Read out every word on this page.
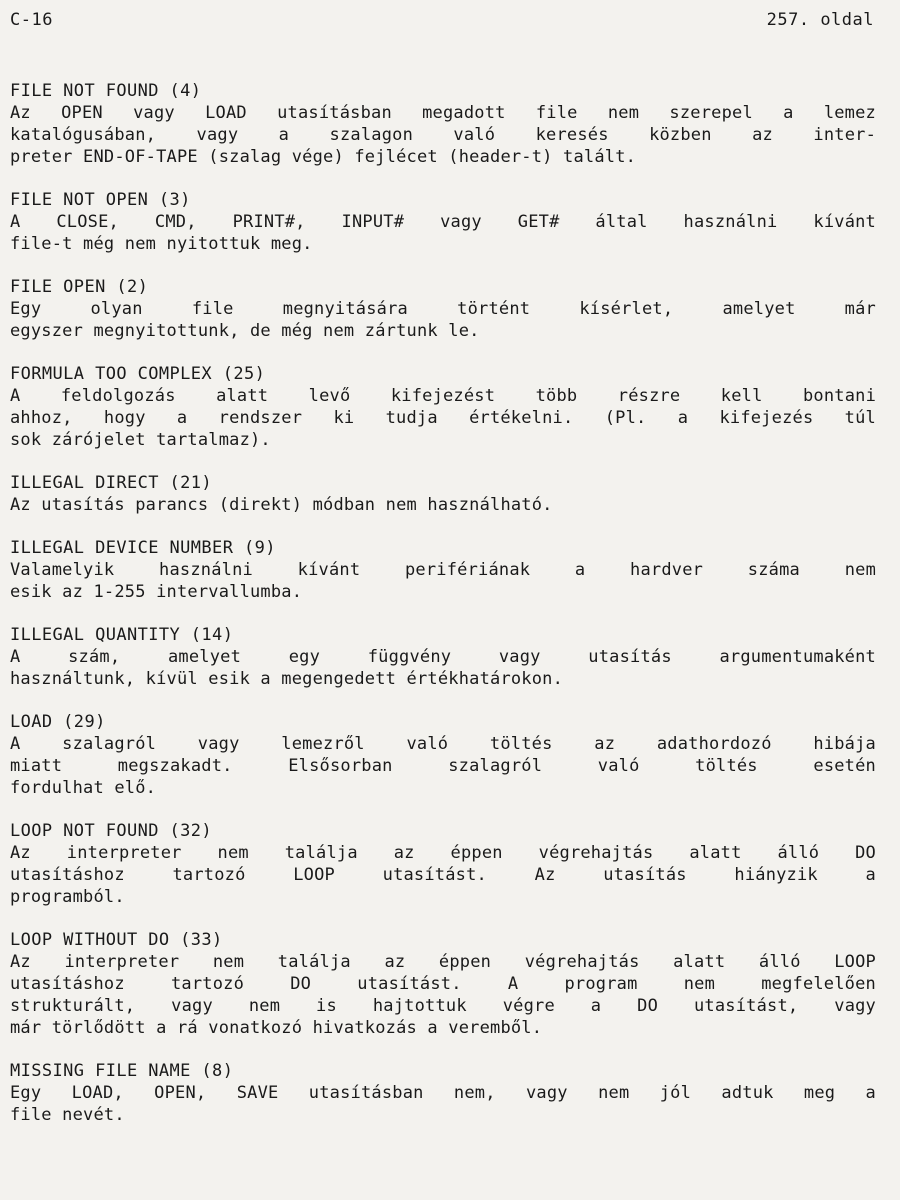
C-16	257. oldal
FILE NOT FOUND (4)
Az OPEN vagy LOAD utasításban megadott file nem szerepel a lemez
katalógusában, vagy a szalagon való keresés közben az inter-
preter END-OF-TAPE (szalag vége) fejlécet (header-t) talált.
FILE NOT OPEN (3)
A CLOSE, CMD, PRINT#, INPUT# vagy GET# által használni kívánt
file-t még nem nyitottuk meg.
FILE OPEN (2)
Egy olyan file megnyitására történt kísérlet, amelyet már
egyszer megnyitottunk, de még nem zártunk le.
FORMULA TOO COMPLEX (25)
A feldolgozás alatt levő kifejezést több részre kell bontani
ahhoz, hogy a rendszer ki tudja értékelni. (Pl. a kifejezés túl
sok zárójelet tartalmaz).
ILLEGAL DIRECT (21)
Az utasítás parancs (direkt) módban nem használható.
ILLEGAL DEVICE NUMBER (9)
Valamelyik használni kívánt perifériának a hardver száma nem
esik az 1-255 intervallumba.
ILLEGAL QUANTITY (14)
A szám, amelyet egy függvény vagy utasítás argumentumaként
használtunk, kívül esik a megengedett értékhatárokon.
LOAD (29)
A szalagról vagy lemezről való töltés az adathordozó hibája
miatt megszakadt. Elsősorban szalagról való töltés esetén
fordulhat elő.
LOOP NOT FOUND (32)
Az interpreter nem találja az éppen végrehajtás alatt álló DO
utasításhoz tartozó LOOP utasítást. Az utasítás hiányzik a
programból.
LOOP WITHOUT DO (33)
Az interpreter nem találja az éppen végrehajtás alatt álló LOOP
utasításhoz tartozó DO utasítást. A program nem megfelelően
strukturált, vagy nem is hajtottuk végre a DO utasítást, vagy
már törlődött a rá vonatkozó hivatkozás a veremből.
MISSING FILE NAME (8)
Egy LOAD, OPEN, SAVE utasításban nem, vagy nem jól adtuk meg a
file nevét.
